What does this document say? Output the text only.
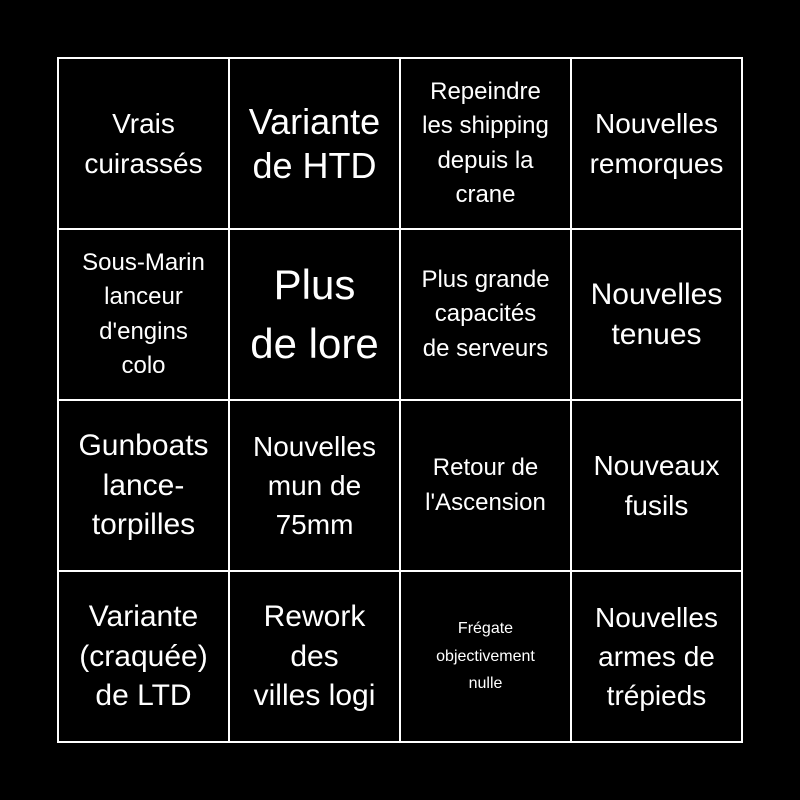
Vrais
cuirassés
Variante
de HTD
Repeindre
les shipping
depuis la
crane
Nouvelles
remorques
Sous-Marin
lanceur
d'engins
colo
Plus
de lore
Plus grande
capacités
de serveurs
Nouvelles
tenues
Gunboats
lance-
torpilles
Nouvelles
mun de
75mm
Retour de
l'Ascension
Nouveaux
fusils
Variante
(craquée)
de LTD
Rework
des
villes logi
Frégate
objectivement
nulle
Nouvelles
armes de
trépieds
